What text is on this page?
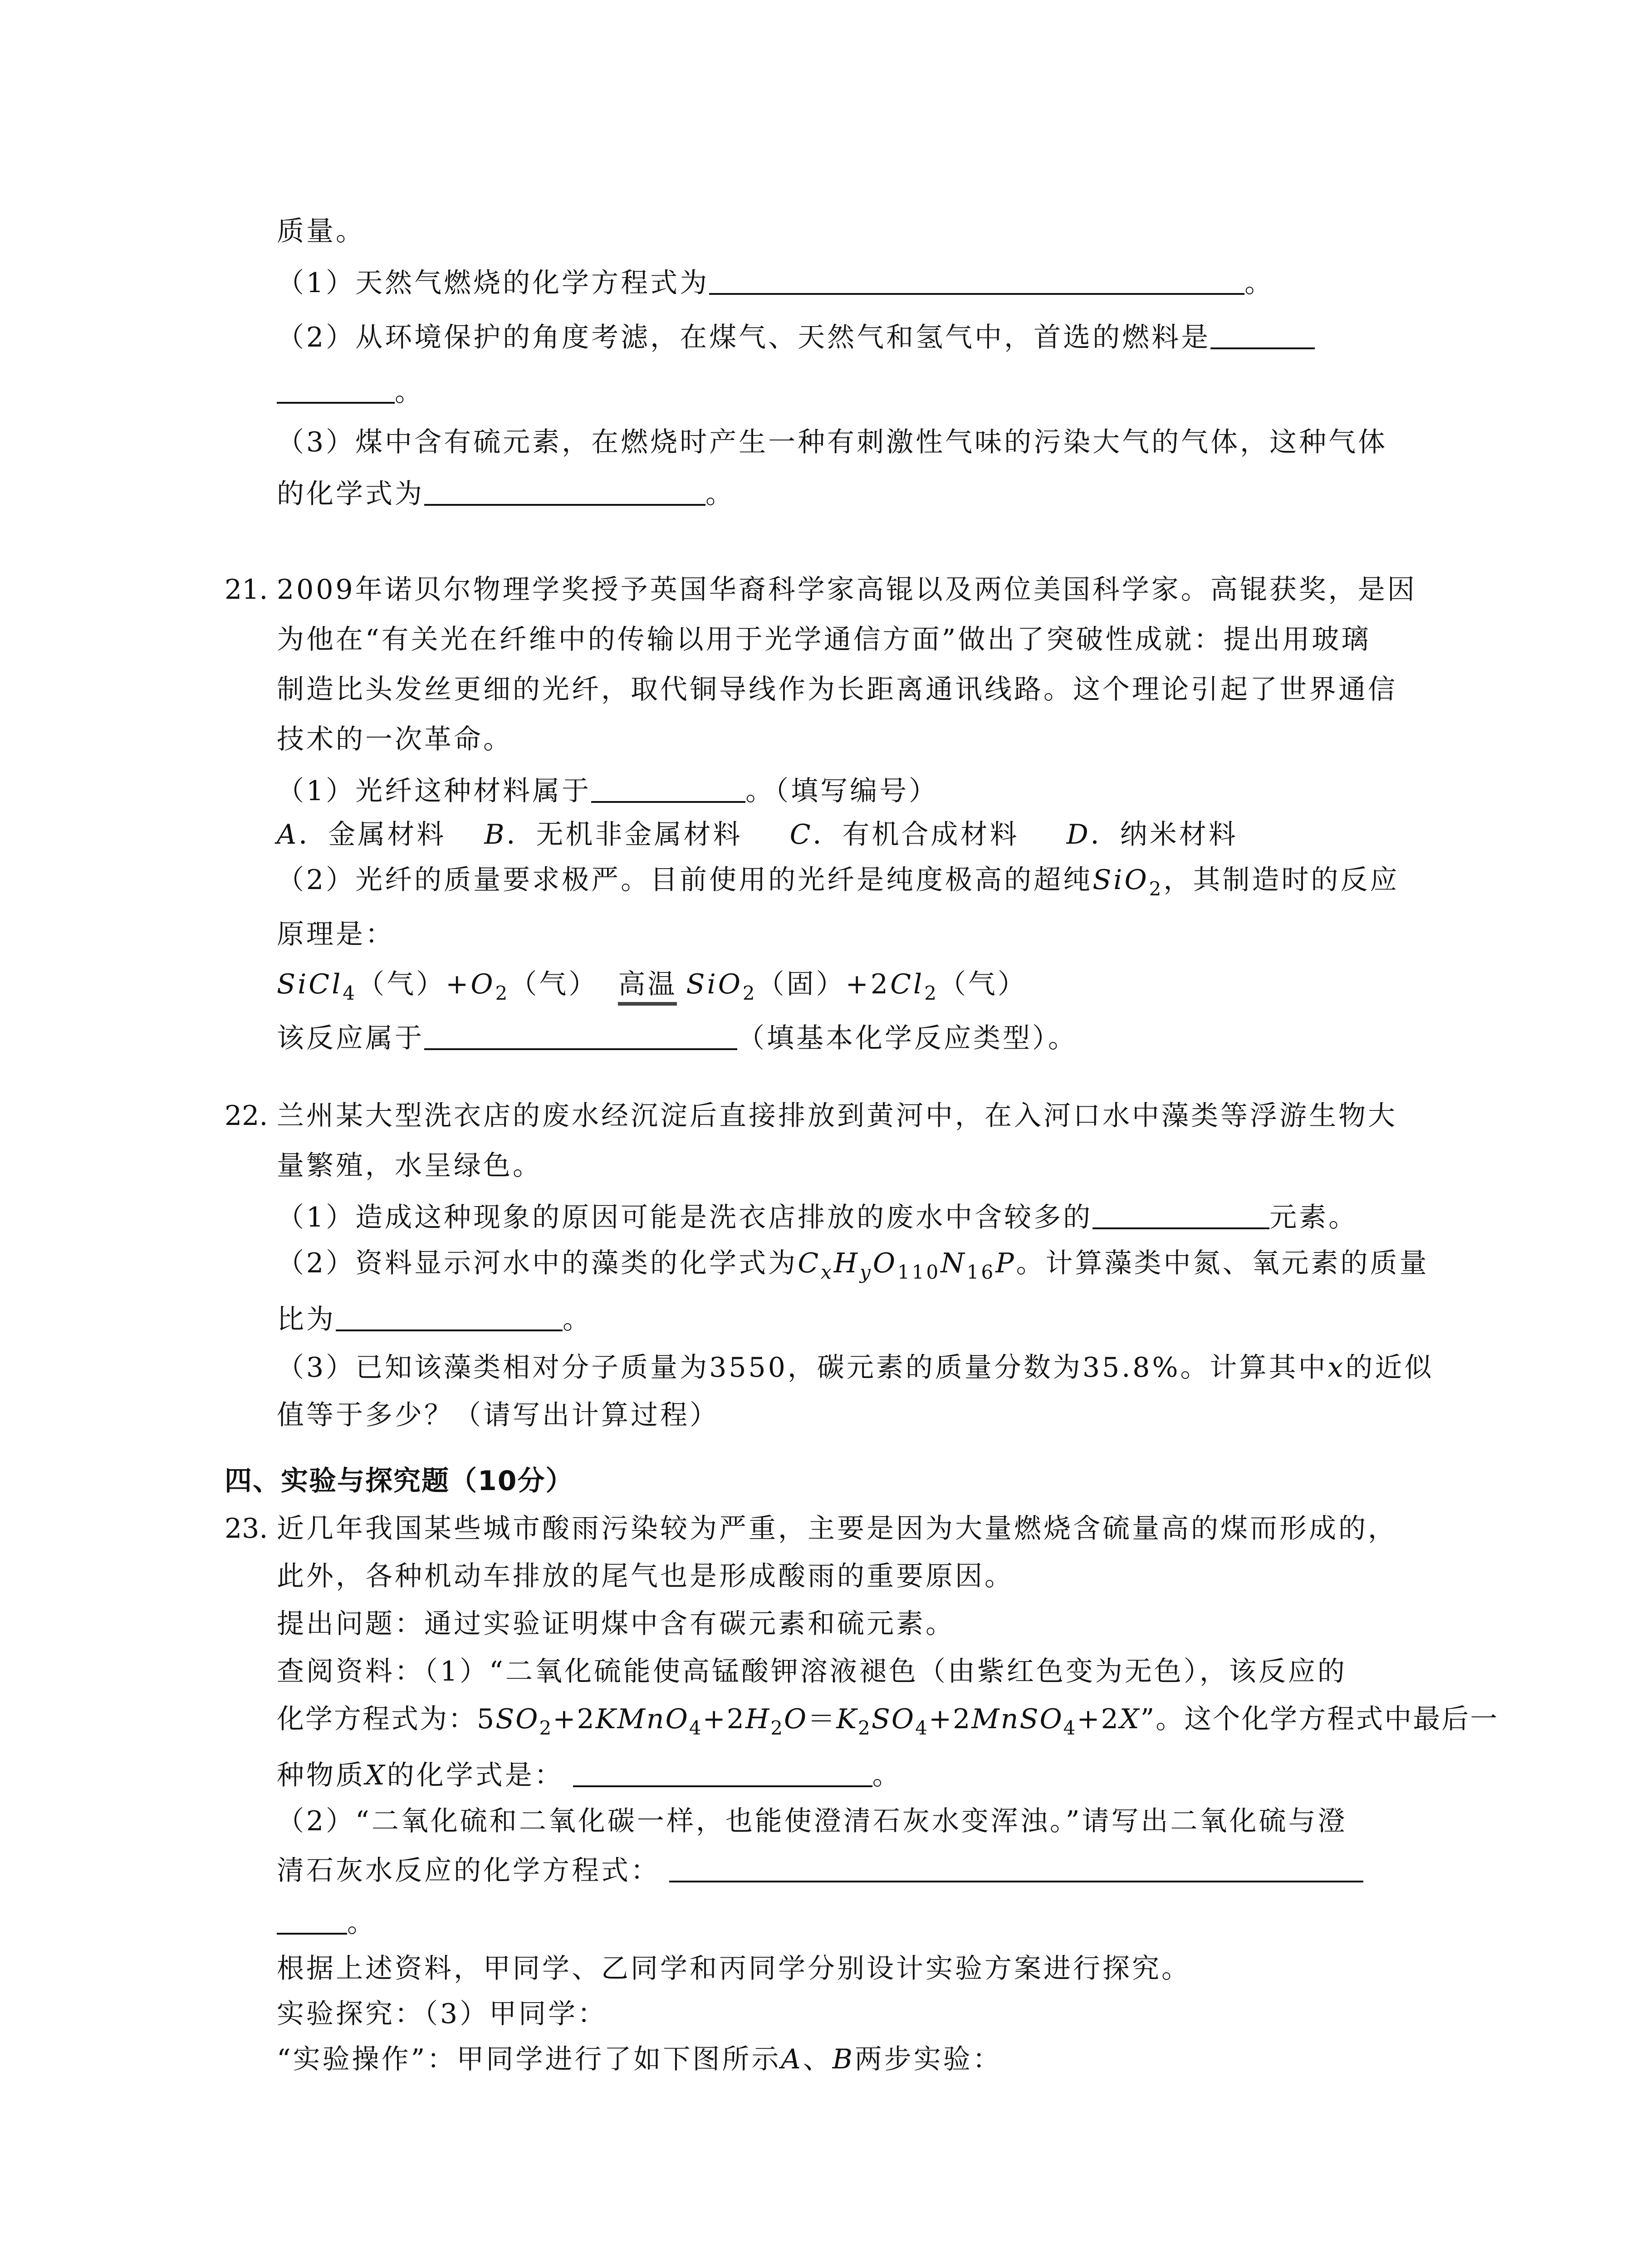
质量。
（1）天然气燃烧的化学方程式为	。
（2）从环境保护的角度考滤，在煤气、天然气和氢气中，首选的燃料是
。
（3）煤中含有硫元素，在燃烧时产生一种有刺激性气味的污染大气的气体，这种气体
的化学式为	。
21. 2009年诺贝尔物理学奖授予英国华裔科学家高锟以及两位美国科学家。高锟获奖，是因
为他在“有关光在纤维中的传输以用于光学通信方面”做出了突破性成就：提出用玻璃
制造比头发丝更细的光纤，取代铜导线作为长距离通讯线路。这个理论引起了世界通信
技术的一次革命。
（1）光纤这种材料属于	。（填写编号）
A．金属材料 B．无机非金属材料 C．有机合成材料 D．纳米材料
（2）光纤的质量要求极严。目前使用的光纤是纯度极高的超纯SiO$_2$，其制造时的反应
原理是：
SiCl$_4$（气）$+O_2$（气） 高温 SiO$_2$（固）$+2Cl_2$（气）
该反应属于	（填基本化学反应类型）。
22. 兰州某大型洗衣店的废水经沉淀后直接排放到黄河中，在入河口水中藻类等浮游生物大
量繁殖，水呈绿色。
（1）造成这种现象的原因可能是洗衣店排放的废水中含较多的	元素。
（2）资料显示河水中的藻类的化学式为$C_xH_yO_{110}N_{16}P$。计算藻类中氮、氧元素的质量
比为	。
（3）已知该藻类相对分子质量为3550，碳元素的质量分数为35.8%。计算其中x的近似
值等于多少？（请写出计算过程）
四、实验与探究题（10分）
23. 近几年我国某些城市酸雨污染较为严重，主要是因为大量燃烧含硫量高的煤而形成的，
此外，各种机动车排放的尾气也是形成酸雨的重要原因。
提出问题：通过实验证明煤中含有碳元素和硫元素。
查阅资料：（1）“二氧化硫能使高锰酸钾溶液褪色（由紫红色变为无色），该反应的
化学方程式为：$5SO_2+2KMnO_4+2H_2O=K_2SO_4+2MnSO_4+2X$”。这个化学方程式中最后一
种物质X的化学式是：	。
（2）“二氧化硫和二氧化碳一样，也能使澄清石灰水变浑浊。”请写出二氧化硫与澄
清石灰水反应的化学方程式：
。
根据上述资料，甲同学、乙同学和丙同学分别设计实验方案进行探究。
实验探究：（3）甲同学：
“实验操作”：甲同学进行了如下图所示A、B两步实验：
